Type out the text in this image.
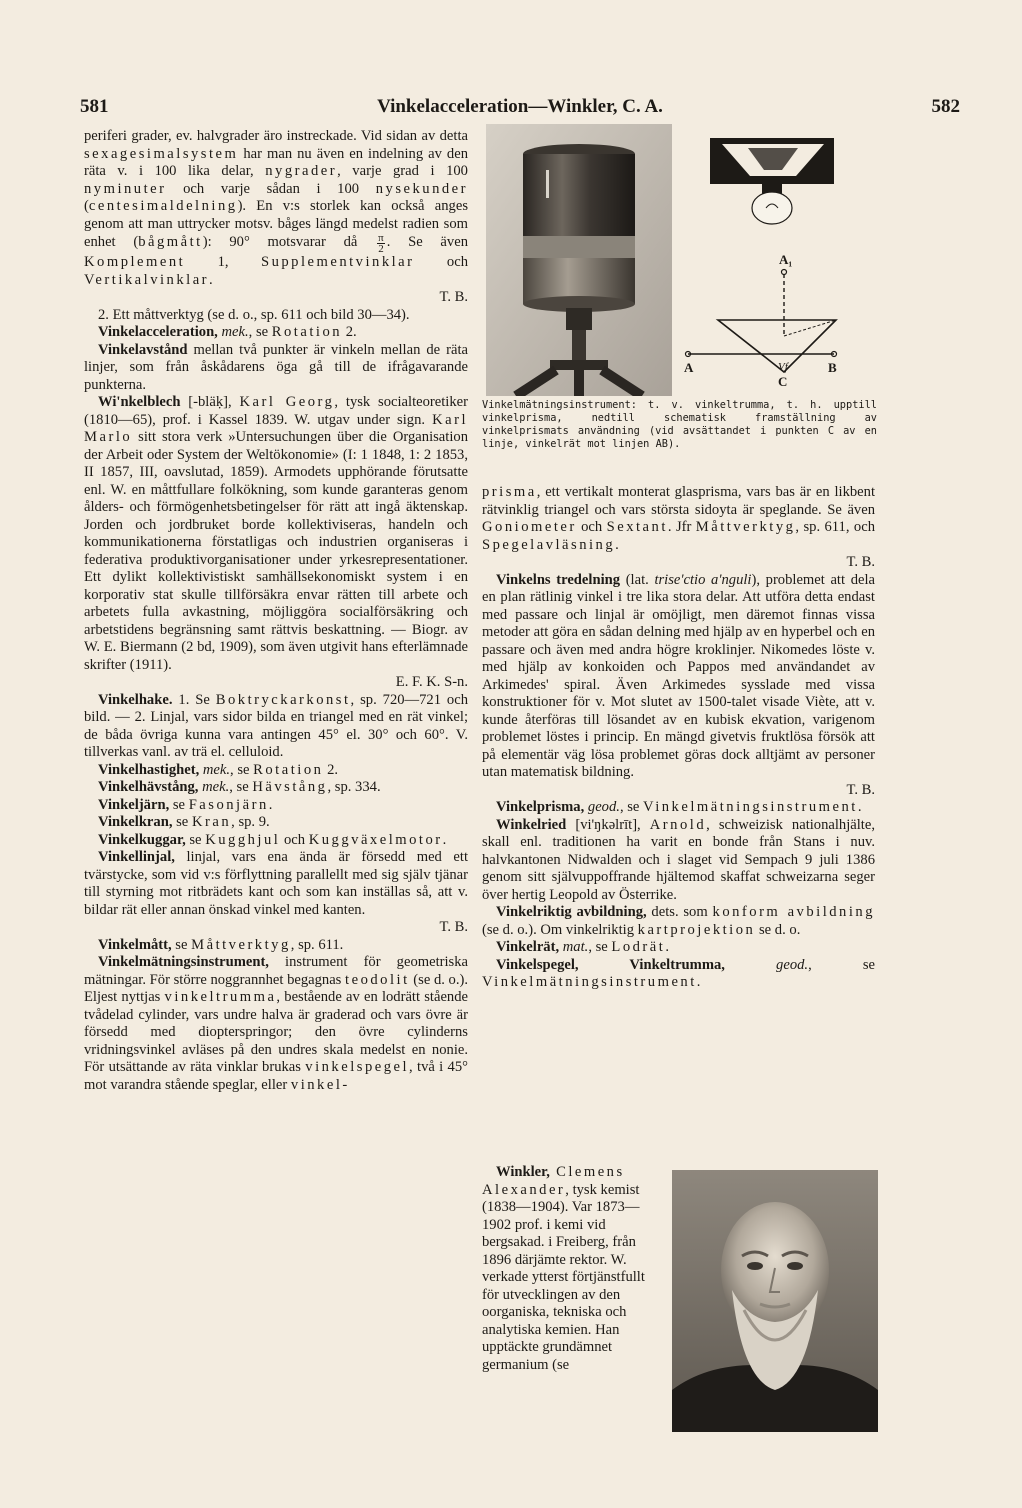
581	Vinkelacceleration—Winkler, C. A.	582

periferi grader, ev. halvgrader äro instreckade. Vid sidan av detta sexagesimalsystem har man nu även en indelning av den räta v. i 100 lika delar, nygrader, varje grad i 100 nyminuter och varje sådan i 100 nysekunder (centesimaldelning). En v:s storlek kan också anges genom att man uttrycker motsv. båges längd medelst radien som enhet (bågmått): 90° motsvarar då $\frac{\pi}{2}$ . Se även Komplement 1, Supplementvinklar och Vertikalvinklar.

T. B.

2. Ett måttverktyg (se d. o., sp. 611 och bild 30—34).

Vinkelacceleration, mek., se Rotation 2.

Vinkelavstånd mellan två punkter är vinkeln mellan de räta linjer, som från åskådarens öga gå till de ifrågavarande punkterna.

Wi'nkelblech [-bläḳ], Karl Georg, tysk socialteoretiker (1810—65), prof. i Kassel 1839. W. utgav under sign. Karl Marlo sitt stora verk »Untersuchungen über die Organisation der Arbeit oder System der Weltökonomie» (I: 1 1848, 1: 2 1853, II 1857, III, oavslutad, 1859). Armodets upphörande förutsatte enl. W. en måttfullare folkökning, som kunde garanteras genom ålders- och förmögenhetsbetingelser för rätt att ingå äktenskap. Jorden och jordbruket borde kollektiviseras, handeln och kommunikationerna förstatligas och industrien organiseras i federativa produktivorganisationer under yrkesrepresentationer. Ett dylikt kollektivistiskt samhällsekonomiskt system i en korporativ stat skulle tillförsäkra envar rätten till arbete och arbetets fulla avkastning, möjliggöra socialförsäkring och arbetstidens begränsning samt rättvis beskattning. — Biogr. av W. E. Biermann (2 bd, 1909), som även utgivit hans efterlämnade skrifter (1911).

E. F. K. S-n.

Vinkelhake. 1. Se Boktryckarkonst, sp. 720—721 och bild. — 2. Linjal, vars sidor bilda en triangel med en rät vinkel; de båda övriga kunna vara antingen 45° el. 30° och 60°. V. tillverkas vanl. av trä el. celluloid.

Vinkelhastighet, mek., se Rotation 2.

Vinkelhävstång, mek., se Hävstång, sp. 334.

Vinkeljärn, se Fasonjärn.

Vinkelkran, se Kran, sp. 9.

Vinkelkuggar, se Kugghjul och Kuggväxelmotor.

Vinkellinjal, linjal, vars ena ända är försedd med ett tvärstycke, som vid v:s förflyttning parallellt med sig själv tjänar till styrning mot ritbrädets kant och som kan inställas så, att v. bildar rät eller annan önskad vinkel med kanten.

T. B.

Vinkelmått, se Måttverktyg, sp. 611.

Vinkelmätningsinstrument, instrument för geometriska mätningar. För större noggrannhet begagnas teodolit (se d. o.). Eljest nyttjas vinkeltrumma, bestående av en lodrätt stående tvådelad cylinder, vars undre halva är graderad och vars övre är försedd med diopterspringor; den övre cylinderns vridningsvinkel avläses på den undres skala medelst en nonie. För utsättande av räta vinklar brukas vinkelspegel, två i 45° mot varandra stående speglar, eller vinkel-

A₁
A	B
Vf
C

Vinkelmätningsinstrument: t. v. vinkeltrumma, t. h. upptill vinkelprisma, nedtill schematisk framställning av vinkelprismats användning (vid avsättandet i punkten C av en linje, vinkelrät mot linjen AB).

prisma, ett vertikalt monterat glasprisma, vars bas är en likbent rätvinklig triangel och vars största sidoyta är speglande. Se även Goniometer och Sextant. Jfr Måttverktyg, sp. 611, och Spegelavläsning.

T. B.

Vinkelns tredelning (lat. trise'ctio a'nguli), problemet att dela en plan rätlinig vinkel i tre lika stora delar. Att utföra detta endast med passare och linjal är omöjligt, men däremot finnas vissa metoder att göra en sådan delning med hjälp av en hyperbel och en passare och även med andra högre kroklinjer. Nikomedes löste v. med hjälp av konkoiden och Pappos med användandet av Arkimedes' spiral. Även Arkimedes sysslade med vissa konstruktioner för v. Mot slutet av 1500-talet visade Viète, att v. kunde återföras till lösandet av en kubisk ekvation, varigenom problemet löstes i princip. En mängd givetvis fruktlösa försök att på elementär väg lösa problemet göras dock alltjämt av personer utan matematisk bildning.

T. B.

Vinkelprisma, geod., se Vinkelmätningsinstrument.

Winkelried [vi'ŋkəlrīt], Arnold, schweizisk nationalhjälte, skall enl. traditionen ha varit en bonde från Stans i nuv. halvkantonen Nidwalden och i slaget vid Sempach 9 juli 1386 genom sitt självuppoffrande hjältemod skaffat schweizarna seger över hertig Leopold av Österrike.

Vinkelriktig avbildning, dets. som konform avbildning (se d. o.). Om vinkelriktig kartprojektion se d. o.

Vinkelrät, mat., se Lodrät.

Vinkelspegel, Vinkeltrumma,	geod., se Vinkelmätningsinstrument.

Winkler, Clemens Alexander, tysk kemist (1838—1904). Var 1873—1902 prof. i kemi vid bergsakad. i Freiberg, från 1896 därjämte rektor. W. verkade ytterst förtjänstfullt för utvecklingen av den oorganiska, tekniska och analytiska kemien. Han upptäckte grundämnet germanium (se
